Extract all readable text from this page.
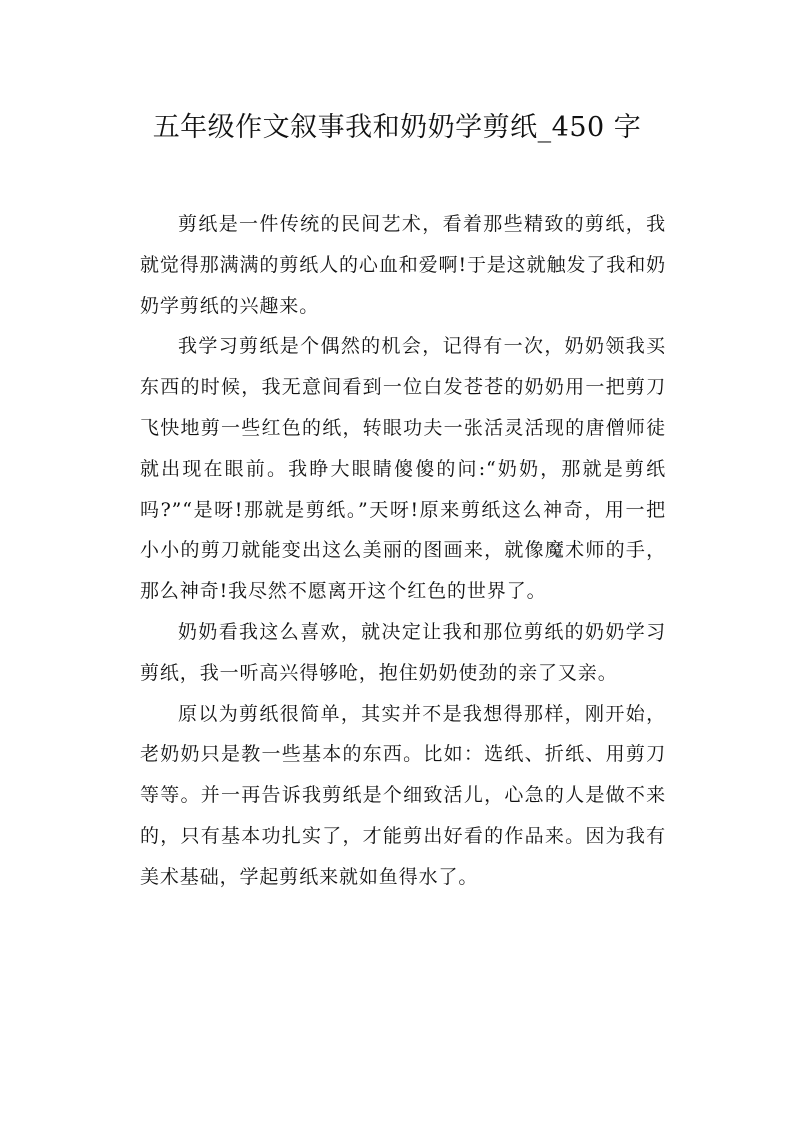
五年级作文叙事我和奶奶学剪纸_450 字

剪纸是一件传统的民间艺术，看着那些精致的剪纸，我就觉得那满满的剪纸人的心血和爱啊!于是这就触发了我和奶奶学剪纸的兴趣来。

我学习剪纸是个偶然的机会，记得有一次，奶奶领我买东西的时候，我无意间看到一位白发苍苍的奶奶用一把剪刀飞快地剪一些红色的纸，转眼功夫一张活灵活现的唐僧师徒就出现在眼前。我睁大眼睛傻傻的问:“奶奶，那就是剪纸吗?”“是呀!那就是剪纸。”天呀!原来剪纸这么神奇，用一把小小的剪刀就能变出这么美丽的图画来，就像魔术师的手，那么神奇!我尽然不愿离开这个红色的世界了。

奶奶看我这么喜欢，就决定让我和那位剪纸的奶奶学习剪纸，我一听高兴得够呛，抱住奶奶使劲的亲了又亲。

原以为剪纸很简单，其实并不是我想得那样，刚开始，老奶奶只是教一些基本的东西。比如：选纸、折纸、用剪刀等等。并一再告诉我剪纸是个细致活儿，心急的人是做不来的，只有基本功扎实了，才能剪出好看的作品来。因为我有美术基础，学起剪纸来就如鱼得水了。
